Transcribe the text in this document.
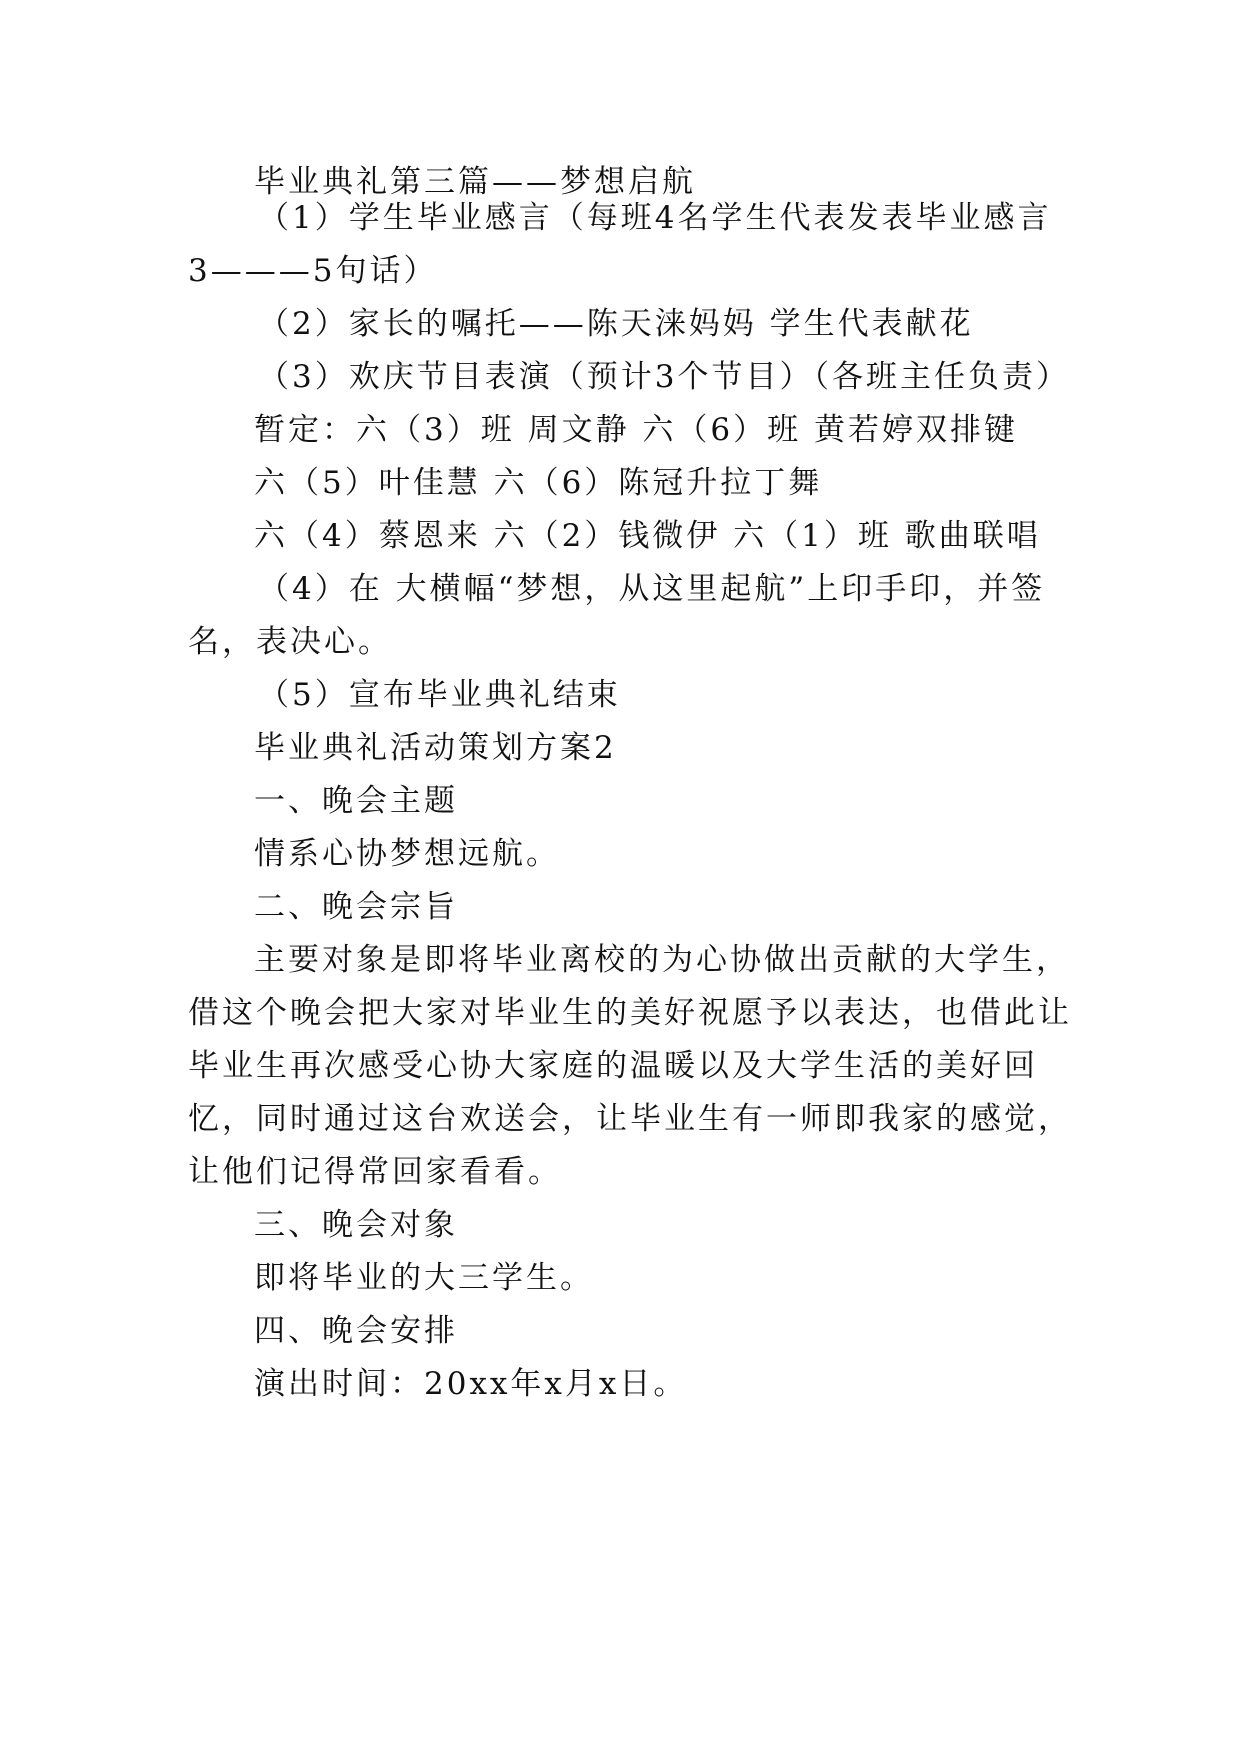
毕业典礼第三篇——梦想启航
（1）学生毕业感言（每班4名学生代表发表毕业感言
3———5句话）
（2）家长的嘱托——陈天涞妈妈 学生代表献花
（3）欢庆节目表演（预计3个节目）（各班主任负责）
暂定：六（3）班 周文静 六（6）班 黄若婷双排键
六（5）叶佳慧 六（6）陈冠升拉丁舞
六（4）蔡恩来 六（2）钱微伊 六（1）班 歌曲联唱
（4）在 大横幅“梦想，从这里起航”上印手印，并签
名，表决心。
（5）宣布毕业典礼结束
毕业典礼活动策划方案2
一、晚会主题
情系心协梦想远航。
二、晚会宗旨
主要对象是即将毕业离校的为心协做出贡献的大学生，
借这个晚会把大家对毕业生的美好祝愿予以表达，也借此让
毕业生再次感受心协大家庭的温暖以及大学生活的美好回
忆，同时通过这台欢送会，让毕业生有一师即我家的感觉，
让他们记得常回家看看。
三、晚会对象
即将毕业的大三学生。
四、晚会安排
演出时间：20xx年x月x日。
